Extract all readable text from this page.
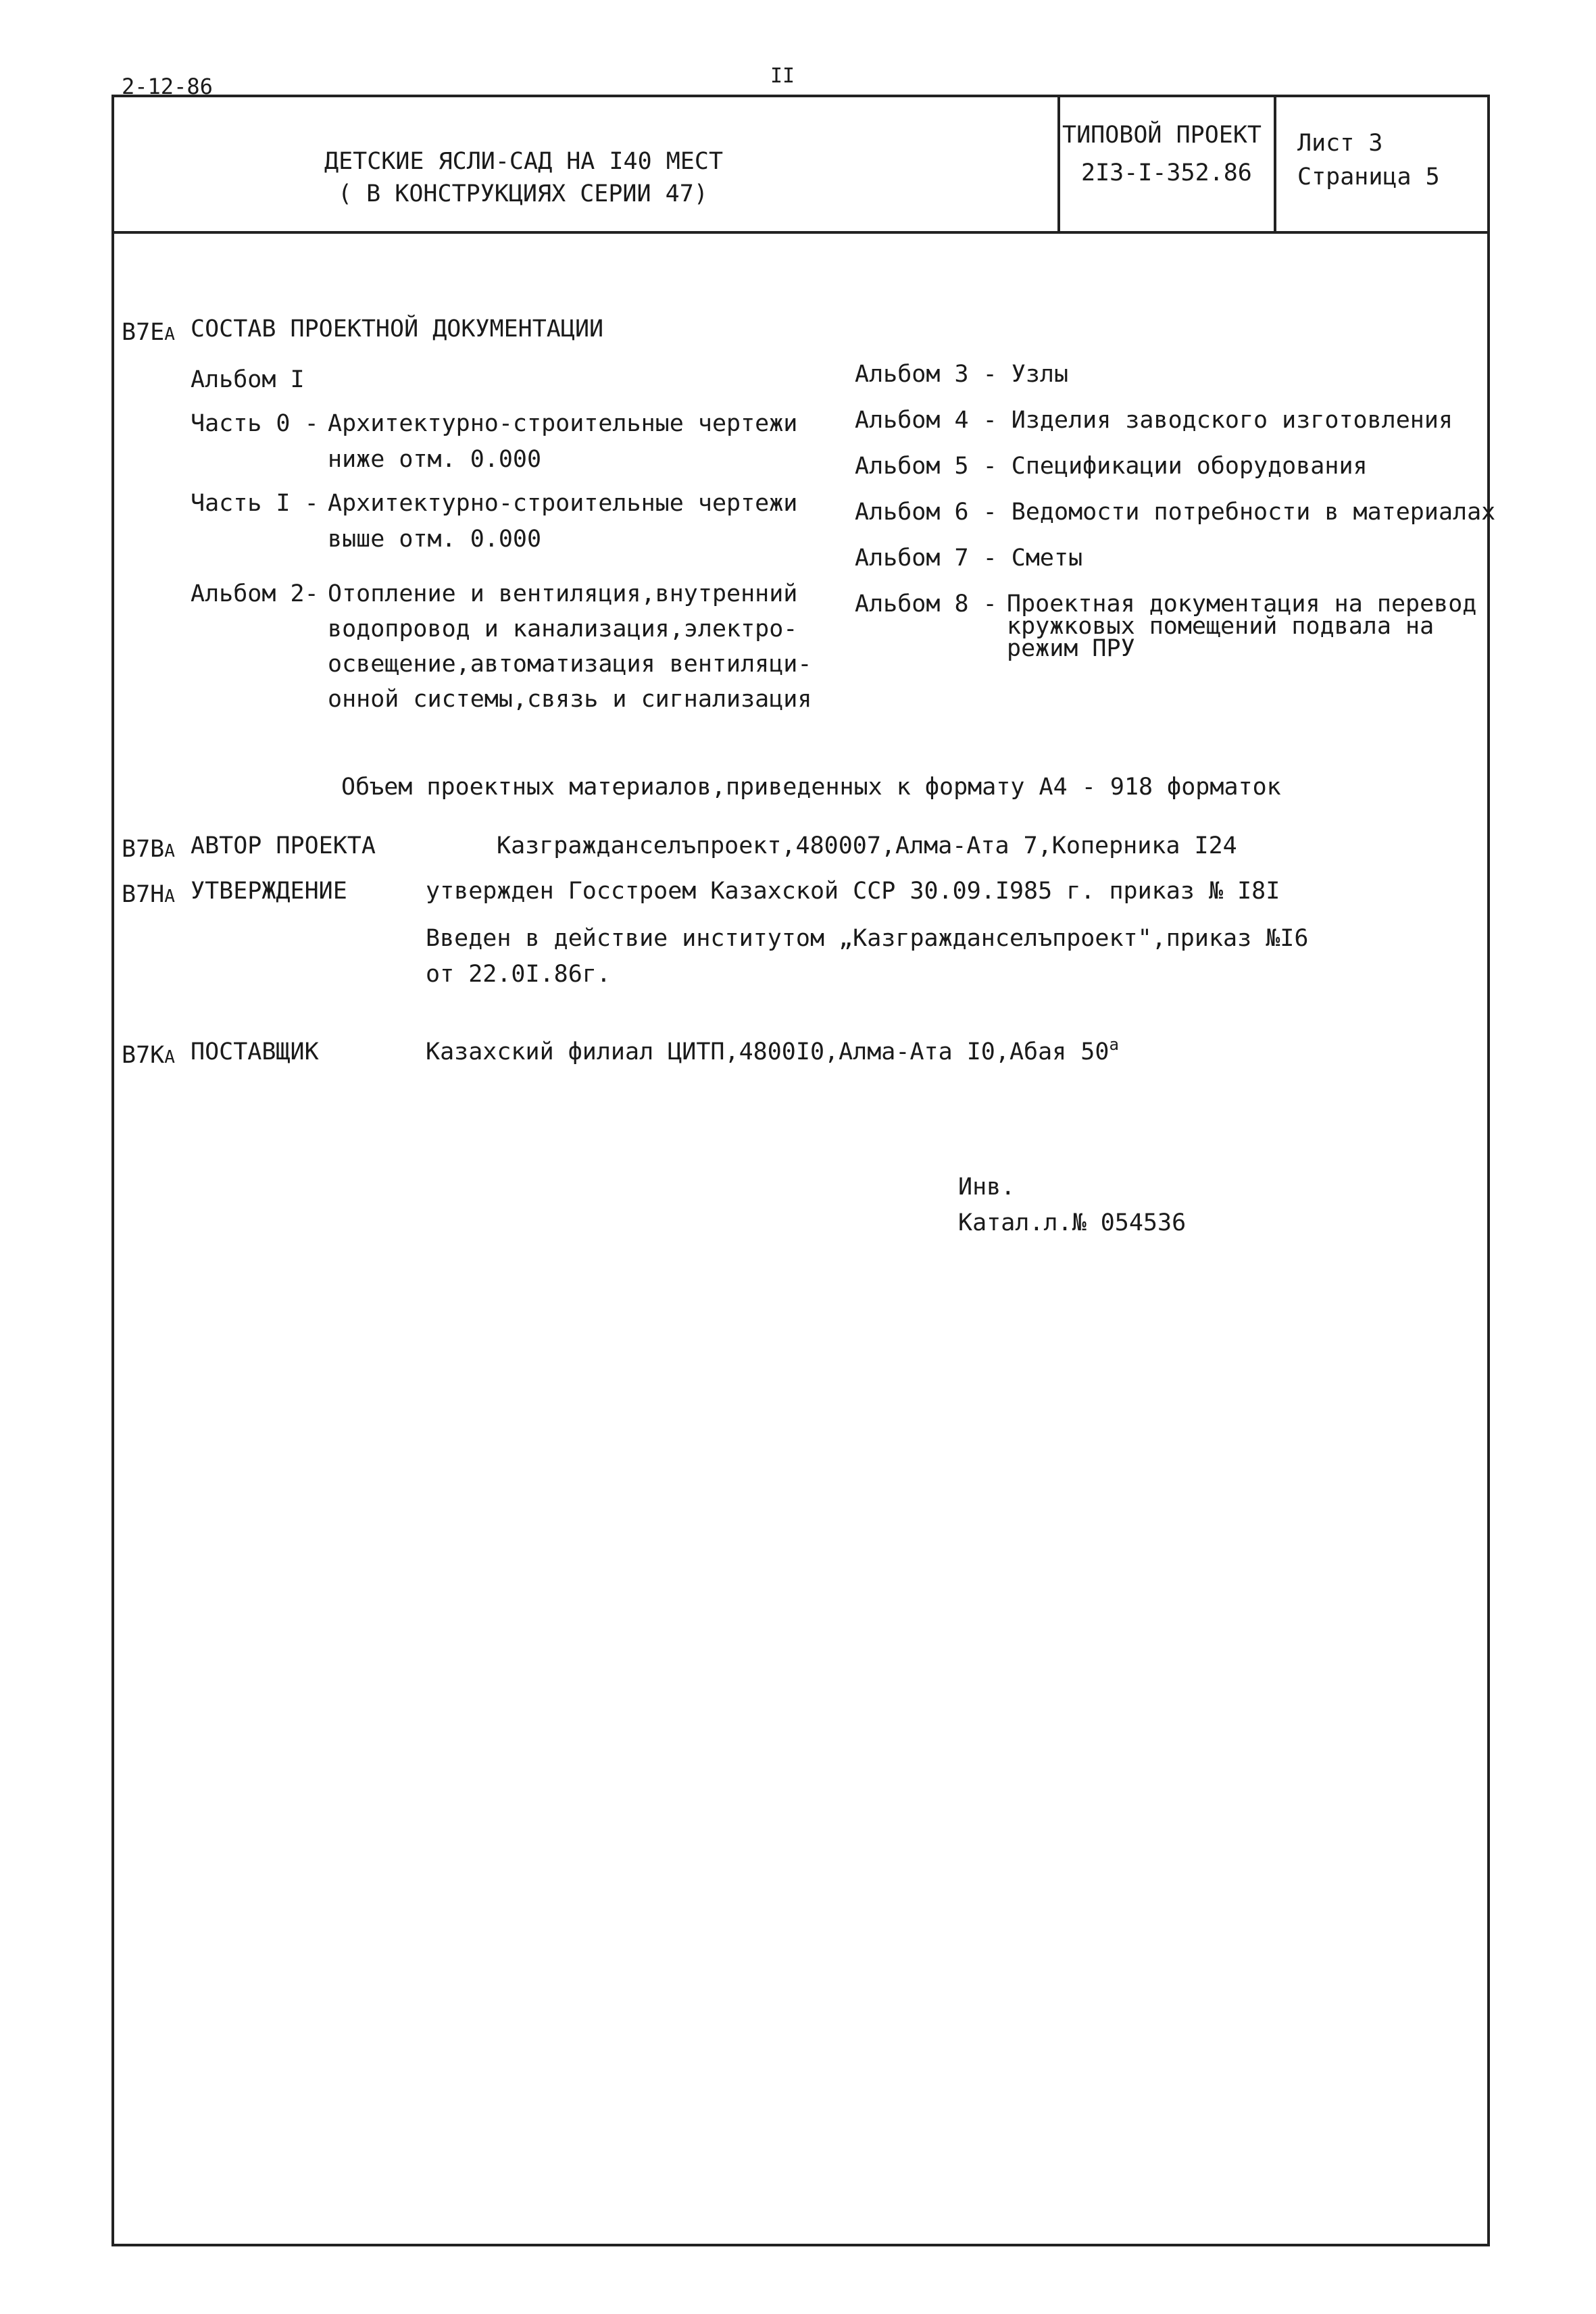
2-12-86	II
ДЕТСКИЕ ЯСЛИ-САД НА I40 МЕСТ
( В КОНСТРУКЦИЯХ СЕРИИ 47)
ТИПОВОЙ ПРОЕКТ
2I3-I-352.86
Лист 3
Страница 5
В7ЕА СОСТАВ ПРОЕКТНОЙ ДОКУМЕНТАЦИИ
Альбом I
Часть 0 - Архитектурно-строительные чертежи
ниже отм. 0.000
Часть I - Архитектурно-строительные чертежи
выше отм. 0.000
Альбом 2- Отопление и вентиляция,внутренний
водопровод и канализация,электро-
освещение,автоматизация вентиляци-
онной системы,связь и сигнализация
Альбом 3 - Узлы
Альбом 4 - Изделия заводского изготовления
Альбом 5 - Спецификации оборудования
Альбом 6 - Ведомости потребности в материалах
Альбом 7 - Сметы
Альбом 8 - Проектная документация на перевод
кружковых помещений подвала на
режим ПРУ
Объем проектных материалов,приведенных к формату А4 - 918 форматок
В7ВА АВТОР ПРОЕКТА	Казгражданселъпроект,480007,Алма-Ата 7,Коперника I24
В7НА УТВЕРЖДЕНИЕ	утвержден Госстроем Казахской ССР 30.09.I985 г. приказ № I8I
Введен в действие институтом „Казгражданселъпроект",приказ №I6
от 22.0I.86г.
В7КА ПОСТАВЩИК	Казахский филиал ЦИТП,4800I0,Алма-Ата I0,Абая $50^а$
Инв.
Катал.л.№ 054536
